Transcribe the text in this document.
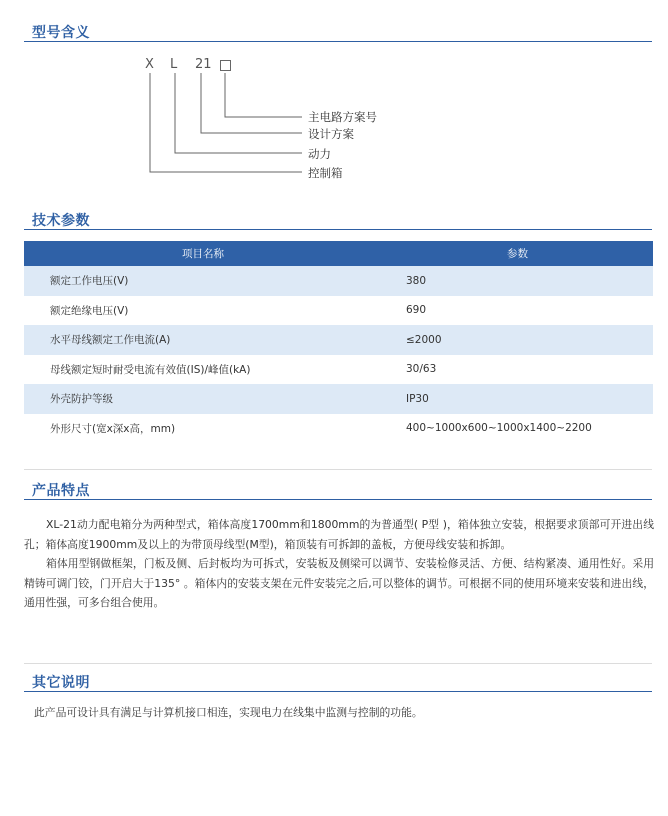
型号含义
X L 21
主电路方案号
设计方案
动力
控制箱
技术参数
项目名称	参数
额定工作电压(V)	380
额定绝缘电压(V)	690
水平母线额定工作电流(A)	≤2000
母线额定短时耐受电流有效值(IS)/峰值(kA)	30/63
外壳防护等级	IP30
外形尺寸(宽x深x高，mm)	400~1000x600~1000x1400~2200
产品特点
XL-21动力配电箱分为两种型式，箱体高度1700mm和1800mm的为普通型( P型 )，箱体独立安装，根据要求顶部可开进出线孔；箱体高度1900mm及以上的为带顶母线型(M型)，箱顶装有可拆卸的盖板，方便母线安装和拆卸。
箱体用型钢做框架，门板及侧、后封板均为可拆式，安装板及侧梁可以调节、安装检修灵活、方便、结构紧凑、通用性好。采用精铸可调门铰，门开启大于135° 。箱体内的安装支架在元件安装完之后,可以整体的调节。可根据不同的使用环境来安装和进出线，通用性强，可多台组合使用。
其它说明
此产品可设计具有满足与计算机接口相连，实现电力在线集中监测与控制的功能。
